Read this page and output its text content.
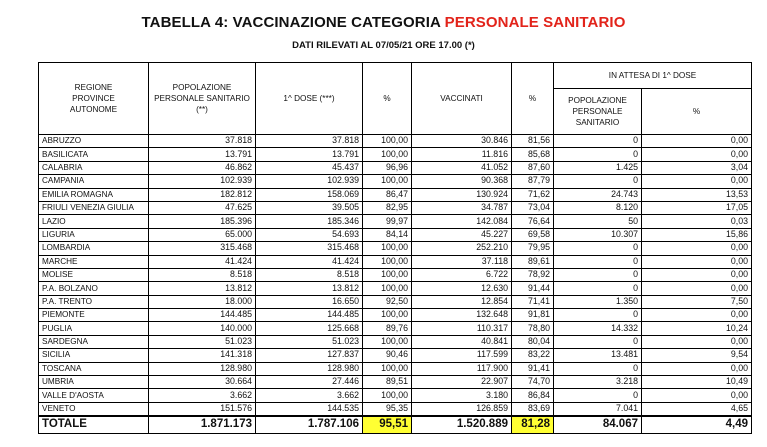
TABELLA 4: VACCINAZIONE CATEGORIA PERSONALE SANITARIO
DATI RILEVATI AL 07/05/21 ORE 17.00 (*)
REGIONE PROVINCE AUTONOME	POPOLAZIONE PERSONALE SANITARIO (**)	1^ DOSE (***)	%	VACCINATI	%	IN ATTESA DI 1^ DOSE	
						POPOLAZIONE PERSONALE SANITARIO	%
ABRUZZO	37.818	37.818	100,00	30.846	81,56	0	0,00
BASILICATA	13.791	13.791	100,00	11.816	85,68	0	0,00
CALABRIA	46.862	45.437	96,96	41.052	87,60	1.425	3,04
CAMPANIA	102.939	102.939	100,00	90.368	87,79	0	0,00
EMILIA ROMAGNA	182.812	158.069	86,47	130.924	71,62	24.743	13,53
FRIULI VENEZIA GIULIA	47.625	39.505	82,95	34.787	73,04	8.120	17,05
LAZIO	185.396	185.346	99,97	142.084	76,64	50	0,03
LIGURIA	65.000	54.693	84,14	45.227	69,58	10.307	15,86
LOMBARDIA	315.468	315.468	100,00	252.210	79,95	0	0,00
MARCHE	41.424	41.424	100,00	37.118	89,61	0	0,00
MOLISE	8.518	8.518	100,00	6.722	78,92	0	0,00
P.A. BOLZANO	13.812	13.812	100,00	12.630	91,44	0	0,00
P.A. TRENTO	18.000	16.650	92,50	12.854	71,41	1.350	7,50
PIEMONTE	144.485	144.485	100,00	132.648	91,81	0	0,00
PUGLIA	140.000	125.668	89,76	110.317	78,80	14.332	10,24
SARDEGNA	51.023	51.023	100,00	40.841	80,04	0	0,00
SICILIA	141.318	127.837	90,46	117.599	83,22	13.481	9,54
TOSCANA	128.980	128.980	100,00	117.900	91,41	0	0,00
UMBRIA	30.664	27.446	89,51	22.907	74,70	3.218	10,49
VALLE D'AOSTA	3.662	3.662	100,00	3.180	86,84	0	0,00
VENETO	151.576	144.535	95,35	126.859	83,69	7.041	4,65
TOTALE	1.871.173	1.787.106	95,51	1.520.889	81,28	84.067	4,49
